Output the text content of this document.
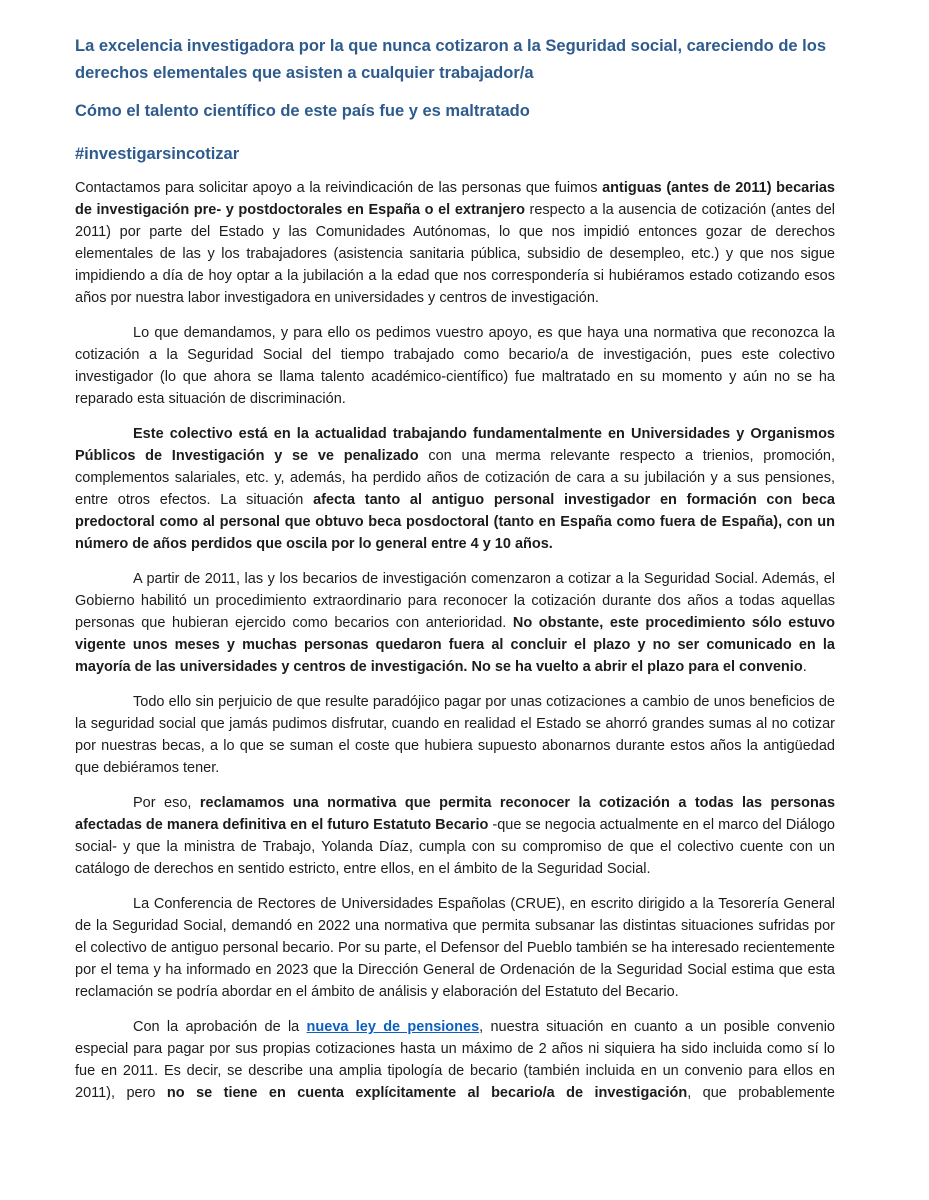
La excelencia investigadora por la que nunca cotizaron a la Seguridad social, careciendo de los derechos elementales que asisten a cualquier trabajador/a
Cómo el talento científico de este país fue y es maltratado
#investigarsincotizar

Contactamos para solicitar apoyo a la reivindicación de las personas que fuimos antiguas (antes de 2011) becarias de investigación pre- y postdoctorales en España o el extranjero respecto a la ausencia de cotización (antes del 2011) por parte del Estado y las Comunidades Autónomas, lo que nos impidió entonces gozar de derechos elementales de las y los trabajadores (asistencia sanitaria pública, subsidio de desempleo, etc.) y que nos sigue impidiendo a día de hoy optar a la jubilación a la edad que nos correspondería si hubiéramos estado cotizando esos años por nuestra labor investigadora en universidades y centros de investigación.

Lo que demandamos, y para ello os pedimos vuestro apoyo, es que haya una normativa que reconozca la cotización a la Seguridad Social del tiempo trabajado como becario/a de investigación, pues este colectivo investigador (lo que ahora se llama talento académico-científico) fue maltratado en su momento y aún no se ha reparado esta situación de discriminación.

Este colectivo está en la actualidad trabajando fundamentalmente en Universidades y Organismos Públicos de Investigación y se ve penalizado con una merma relevante respecto a trienios, promoción, complementos salariales, etc. y, además, ha perdido años de cotización de cara a su jubilación y a sus pensiones, entre otros efectos. La situación afecta tanto al antiguo personal investigador en formación con beca predoctoral como al personal que obtuvo beca posdoctoral (tanto en España como fuera de España), con un número de años perdidos que oscila por lo general entre 4 y 10 años.

A partir de 2011, las y los becarios de investigación comenzaron a cotizar a la Seguridad Social. Además, el Gobierno habilitó un procedimiento extraordinario para reconocer la cotización durante dos años a todas aquellas personas que hubieran ejercido como becarios con anterioridad. No obstante, este procedimiento sólo estuvo vigente unos meses y muchas personas quedaron fuera al concluir el plazo y no ser comunicado en la mayoría de las universidades y centros de investigación. No se ha vuelto a abrir el plazo para el convenio.

Todo ello sin perjuicio de que resulte paradójico pagar por unas cotizaciones a cambio de unos beneficios de la seguridad social que jamás pudimos disfrutar, cuando en realidad el Estado se ahorró grandes sumas al no cotizar por nuestras becas, a lo que se suman el coste que hubiera supuesto abonarnos durante estos años la antigüedad que debiéramos tener.

Por eso, reclamamos una normativa que permita reconocer la cotización a todas las personas afectadas de manera definitiva en el futuro Estatuto Becario -que se negocia actualmente en el marco del Diálogo social- y que la ministra de Trabajo, Yolanda Díaz, cumpla con su compromiso de que el colectivo cuente con un catálogo de derechos en sentido estricto, entre ellos, en el ámbito de la Seguridad Social.

La Conferencia de Rectores de Universidades Españolas (CRUE), en escrito dirigido a la Tesorería General de la Seguridad Social, demandó en 2022 una normativa que permita subsanar las distintas situaciones sufridas por el colectivo de antiguo personal becario. Por su parte, el Defensor del Pueblo también se ha interesado recientemente por el tema y ha informado en 2023 que la Dirección General de Ordenación de la Seguridad Social estima que esta reclamación se podría abordar en el ámbito de análisis y elaboración del Estatuto del Becario.

Con la aprobación de la nueva ley de pensiones, nuestra situación en cuanto a un posible convenio especial para pagar por sus propias cotizaciones hasta un máximo de 2 años ni siquiera ha sido incluida como sí lo fue en 2011. Es decir, se describe una amplia tipología de becario (también incluida en un convenio para ellos en 2011), pero no se tiene en cuenta explícitamente al becario/a de investigación, que probablemente
